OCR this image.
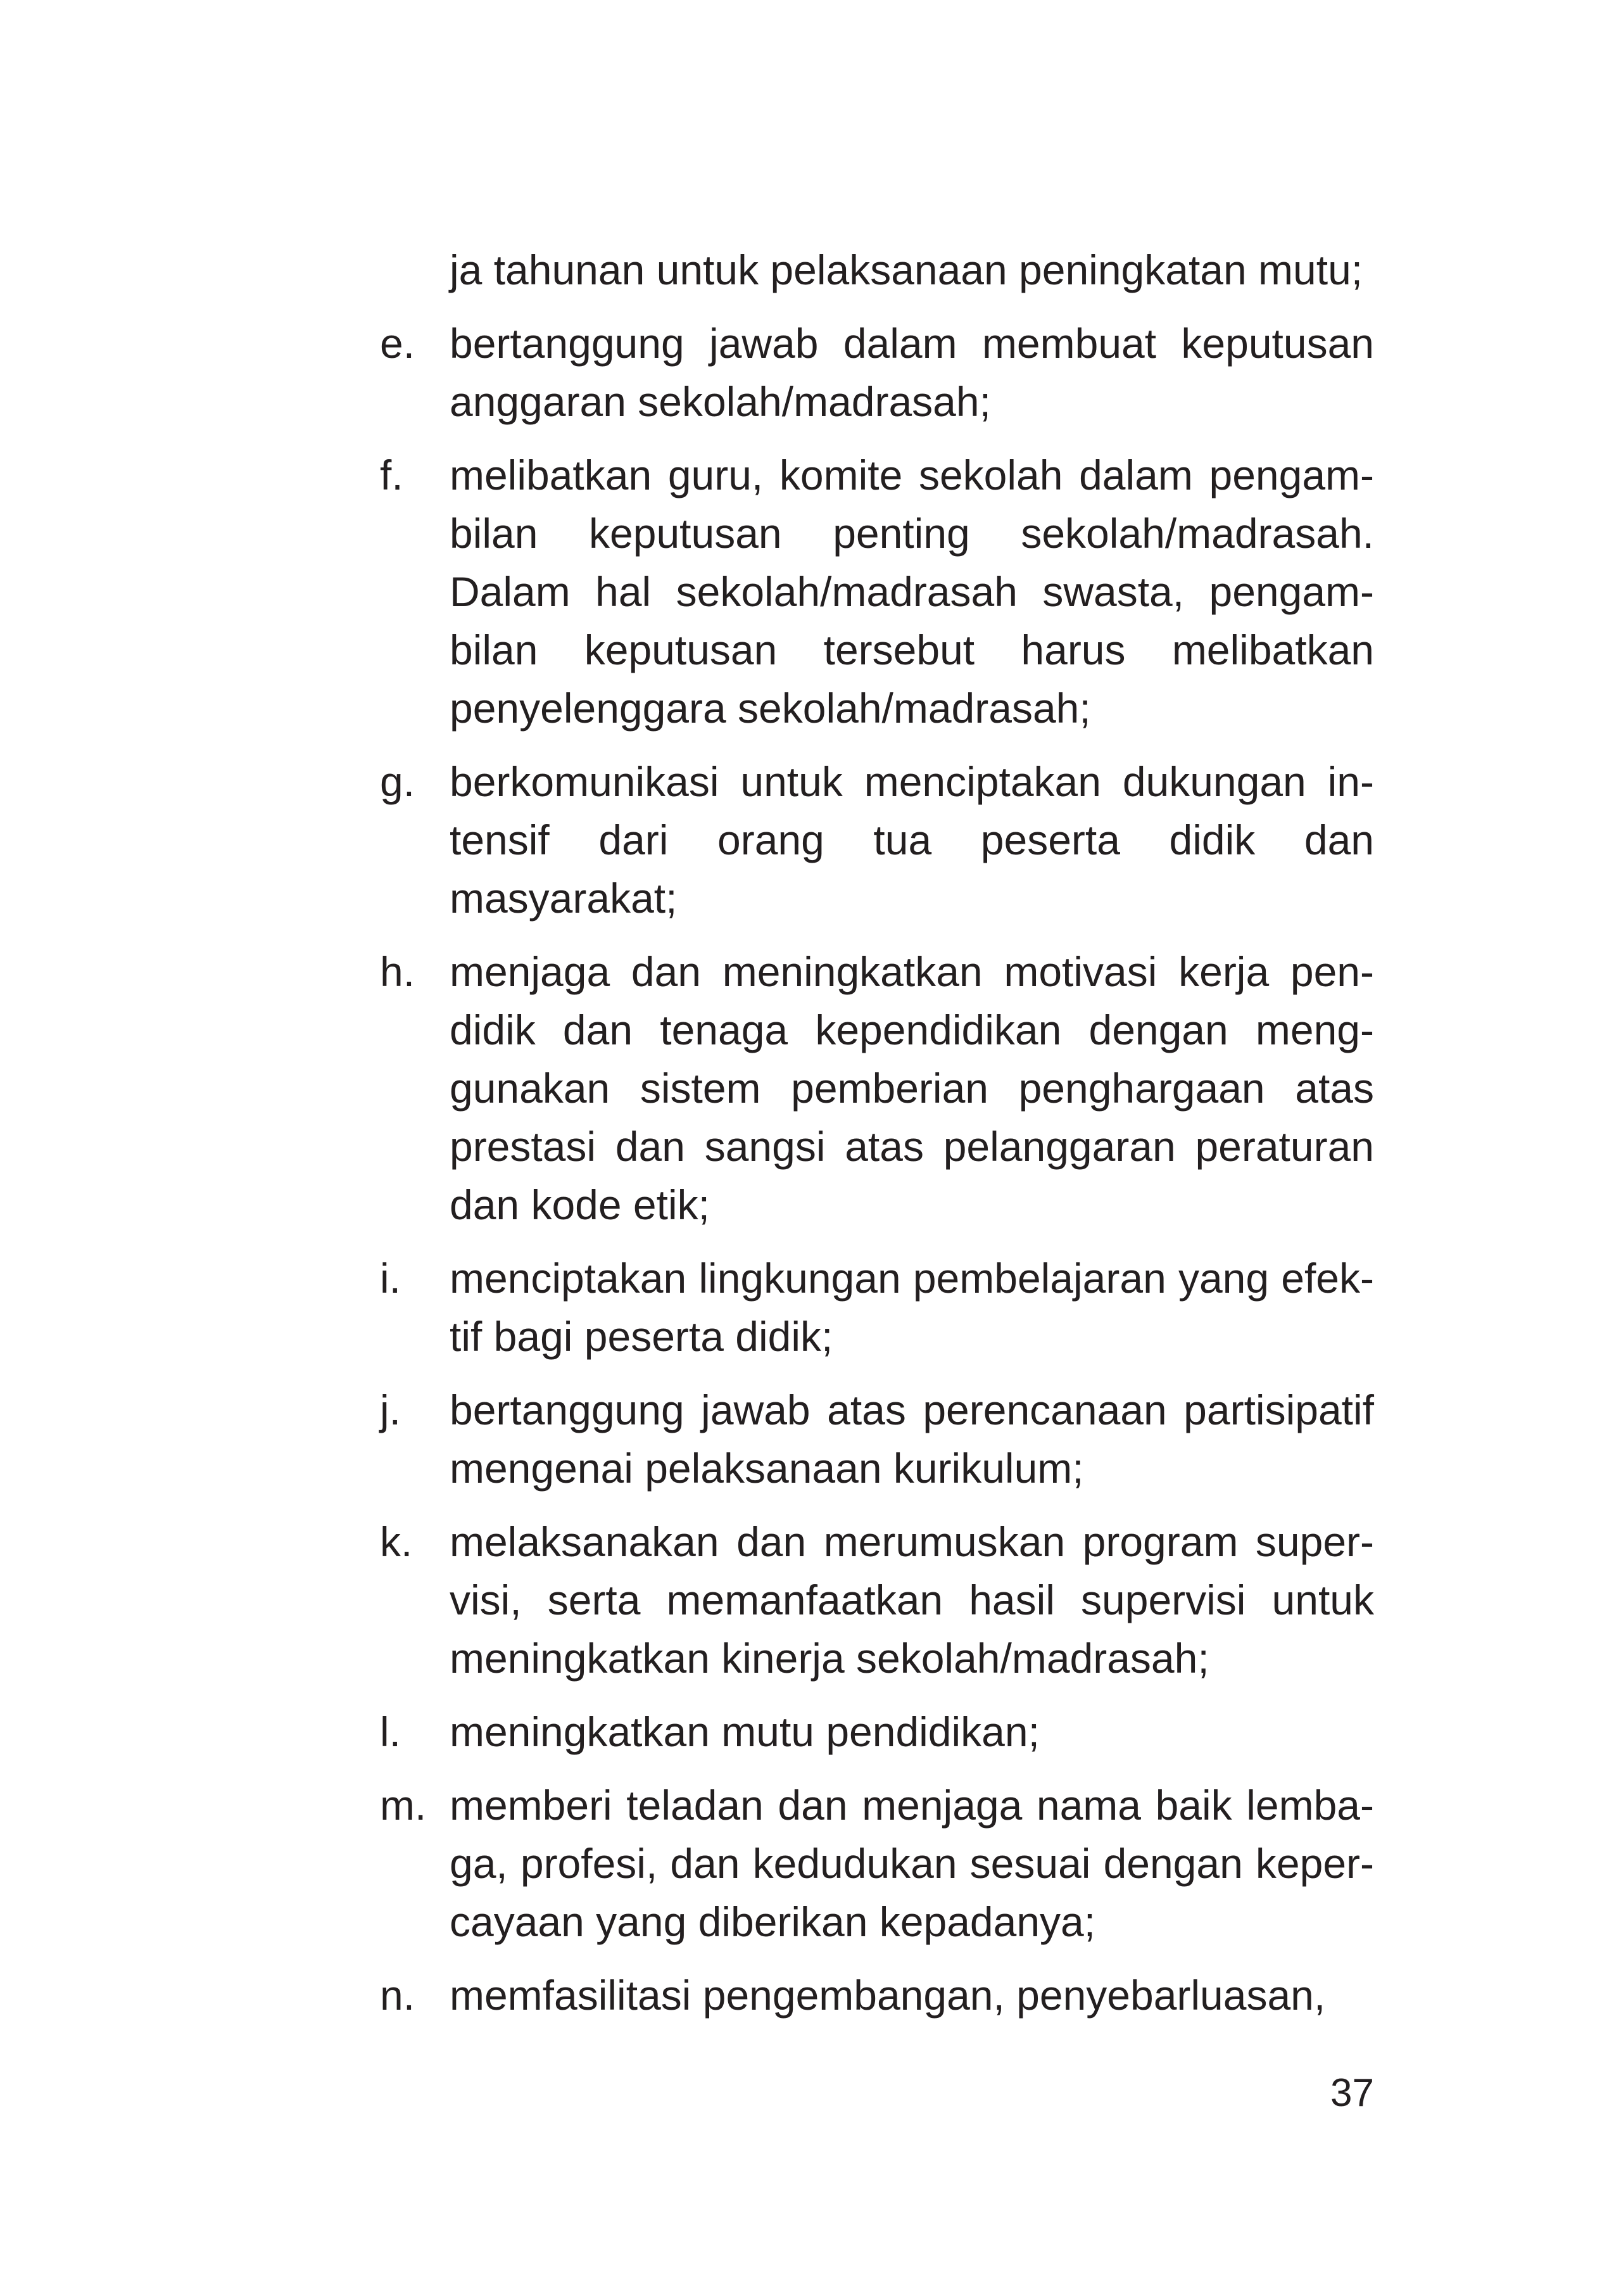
ja tahunan untuk pelaksanaan peningkatan mutu;

e. bertanggung jawab dalam membuat keputusan anggaran sekolah/madrasah;

f.	melibatkan guru, komite sekolah dalam pengambilan keputusan penting sekolah/madrasah. Dalam hal sekolah/madrasah swasta, pengambilan keputusan tersebut harus melibatkan penyelenggara sekolah/madrasah;

g. berkomunikasi untuk menciptakan dukungan intensif dari orang tua peserta didik dan masyarakat;

h. menjaga dan meningkatkan motivasi kerja pendidik dan tenaga kependidikan dengan menggunakan sistem pemberian penghargaan atas prestasi dan sangsi atas pelanggaran peraturan dan kode etik;

i.	menciptakan lingkungan pembelajaran yang efektif bagi peserta didik;

j.	bertanggung jawab atas perencanaan partisipatif mengenai pelaksanaan kurikulum;

k. melaksanakan dan merumuskan program supervisi, serta memanfaatkan hasil supervisi untuk meningkatkan kinerja sekolah/madrasah;

l.	meningkatkan mutu pendidikan;

m. memberi teladan dan menjaga nama baik lembaga, profesi, dan kedudukan sesuai dengan kepercayaan yang diberikan kepadanya;

n. memfasilitasi pengembangan, penyebarluasan,

37
